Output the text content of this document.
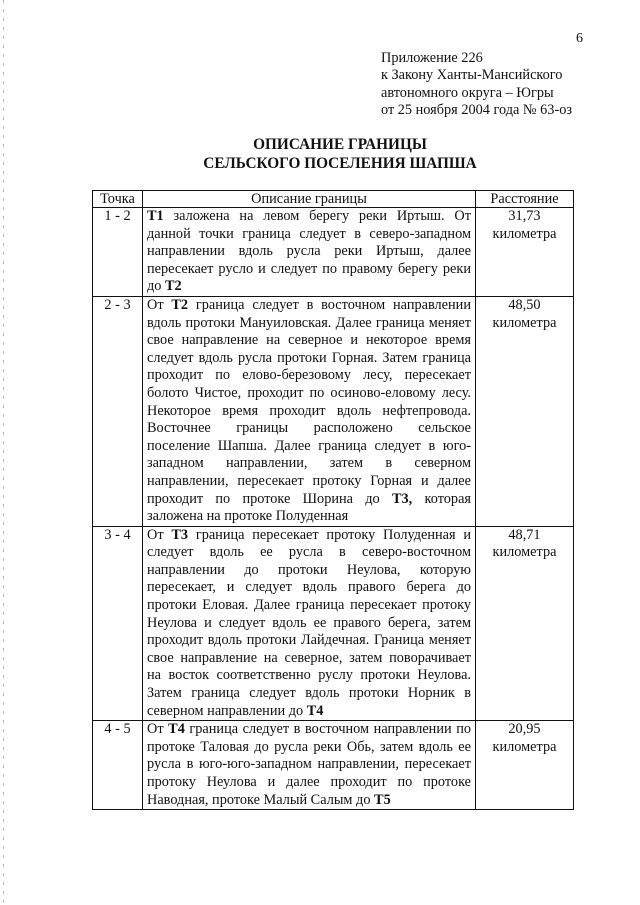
6
Приложение 226
к Закону Ханты-Мансийского
автономного округа – Югры
от 25 ноября 2004 года № 63-оз
ОПИСАНИЕ ГРАНИЦЫ
СЕЛЬСКОГО ПОСЕЛЕНИЯ ШАПША
Точка	Описание границы	Расстояние
1 - 2	Т1 заложена на левом берегу реки Иртыш. От данной точки граница следует в северо-западном направлении вдоль русла реки Иртыш, далее пересекает русло и следует по правому берегу реки до Т2	31,73
километра

2 - 3	От Т2 граница следует в восточном направлении вдоль протоки Мануиловская. Далее граница меняет свое направление на северное и некоторое время следует вдоль русла протоки Горная. Затем граница проходит по елово-березовому лесу, пересекает болото Чистое, проходит по осиново-еловому лесу. Некоторое время проходит вдоль нефтепровода. Восточнее границы расположено сельское поселение Шапша. Далее граница следует в юго-западном направлении, затем в северном направлении, пересекает протоку Горная и далее проходит по протоке Шорина до Т3, которая заложена на протоке Полуденная	48,50
километра

3 - 4	От Т3 граница пересекает протоку Полуденная и следует вдоль ее русла в северо-восточном направлении до протоки Неулова, которую пересекает, и следует вдоль правого берега до протоки Еловая. Далее граница пересекает протоку Неулова и следует вдоль ее правого берега, затем проходит вдоль протоки Лайдечная. Граница меняет свое направление на северное, затем поворачивает на восток соответственно руслу протоки Неулова. Затем граница следует вдоль протоки Норник в северном направлении до Т4	48,71
километра

4 - 5	От Т4 граница следует в восточном направлении по протоке Таловая до русла реки Обь, затем вдоль ее русла в юго-юго-западном направлении, пересекает протоку Неулова и далее проходит по протоке Наводная, протоке Малый Салым до Т5	20,95
километра
